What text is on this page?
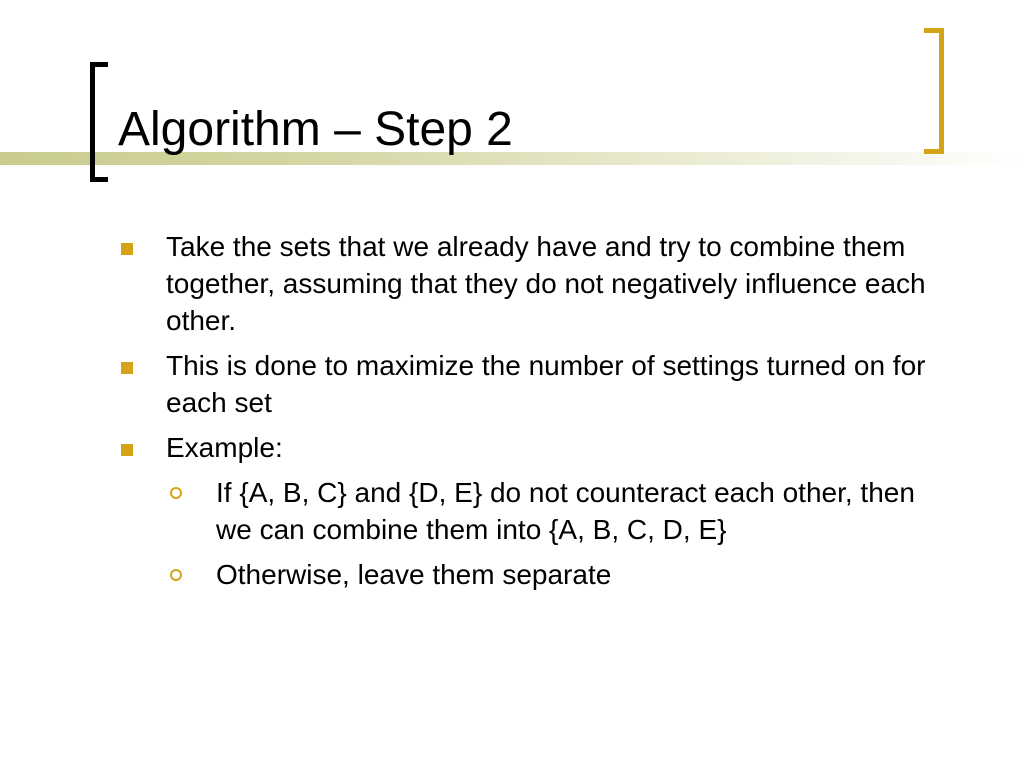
Algorithm – Step 2
Take the sets that we already have and try to combine them together, assuming that they do not negatively influence each other.
This is done to maximize the number of settings turned on for each set
Example:
If {A, B, C} and {D, E} do not counteract each other, then we can combine them into {A, B, C, D, E}
Otherwise, leave them separate
